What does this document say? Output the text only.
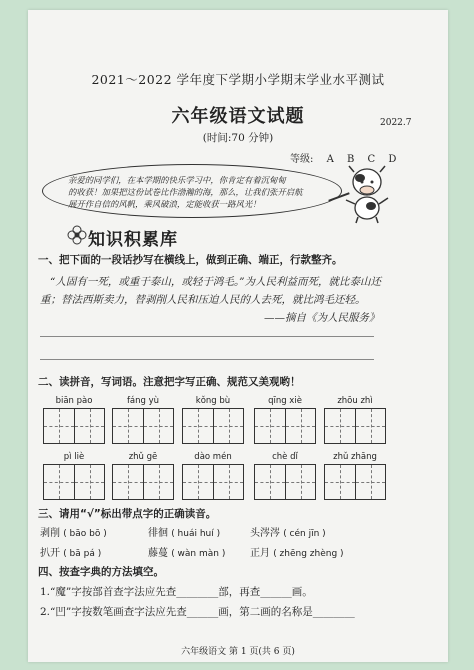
2021～2022 学年度下学期小学期末学业水平测试
六年级语文试题	2022.7
(时间:70 分钟)
等级: A B C D
亲爱的同学们，在本学期的快乐学习中，你肯定有着沉甸甸
的收获！加果把这份试卷比作渤瀚的海，那么，让我们张开启航
展开作自信的风帆，乘风破浪，定能收获一路风光！
知识积累库
一、把下面的一段话抄写在横线上，做到正确、端正，行款整齐。
“人固有一死，或重于泰山，或轻于鸿毛。”为人民利益而死，就比泰山还
重；替法西斯卖力，替剥削人民和压迫人民的人去死，就比鸿毛还轻。
——摘自《为人民服务》
二、读拼音，写词语。注意把字写正确、规范又美观哟！
biān pào	fáng yù	kǒng bù	qīng xiè	zhōu zhì
pì liè	zhǔ gē	dào mén	chè dǐ	zhǔ zhāng
三、请用“√”标出带点字的正确读音。
剥削 ( bāo bō )	徘徊 ( huái huí )	头涔涔 ( cén jīn )
扒开 ( bā pá )	藤蔓 ( wàn màn ) 正月 ( zhēng zhèng )
四、按查字典的方法填空。
1.“魔”字按部首查字法应先查________部，再查______画。
2.“凹”字按数笔画查字法应先查______画，第二画的名称是________
六年级语文 第 1 页(共 6 页)
